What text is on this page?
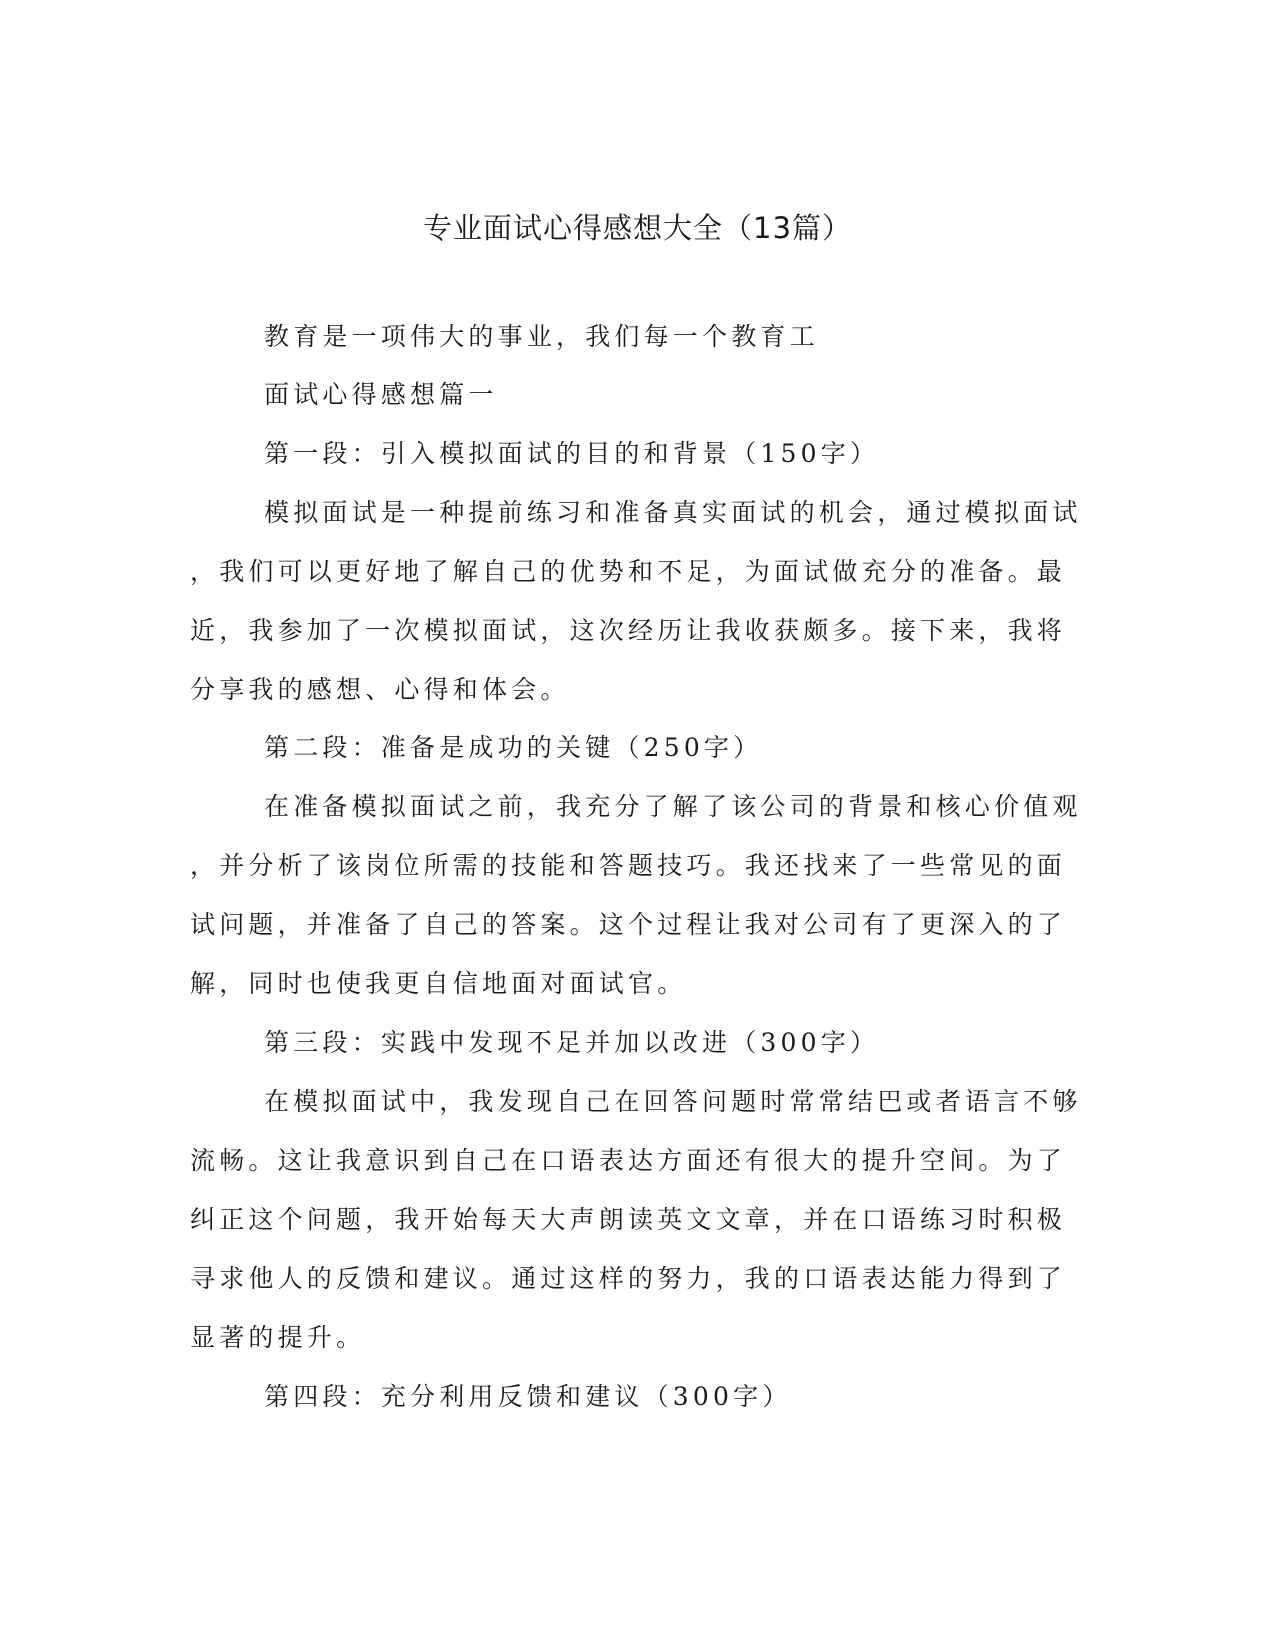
专业面试心得感想大全（13篇）
教育是一项伟大的事业，我们每一个教育工
面试心得感想篇一
第一段：引入模拟面试的目的和背景（150字）
模拟面试是一种提前练习和准备真实面试的机会，通过模拟面试
，我们可以更好地了解自己的优势和不足，为面试做充分的准备。最
近，我参加了一次模拟面试，这次经历让我收获颇多。接下来，我将
分享我的感想、心得和体会。
第二段：准备是成功的关键（250字）
在准备模拟面试之前，我充分了解了该公司的背景和核心价值观
，并分析了该岗位所需的技能和答题技巧。我还找来了一些常见的面
试问题，并准备了自己的答案。这个过程让我对公司有了更深入的了
解，同时也使我更自信地面对面试官。
第三段：实践中发现不足并加以改进（300字）
在模拟面试中，我发现自己在回答问题时常常结巴或者语言不够
流畅。这让我意识到自己在口语表达方面还有很大的提升空间。为了
纠正这个问题，我开始每天大声朗读英文文章，并在口语练习时积极
寻求他人的反馈和建议。通过这样的努力，我的口语表达能力得到了
显著的提升。
第四段：充分利用反馈和建议（300字）
